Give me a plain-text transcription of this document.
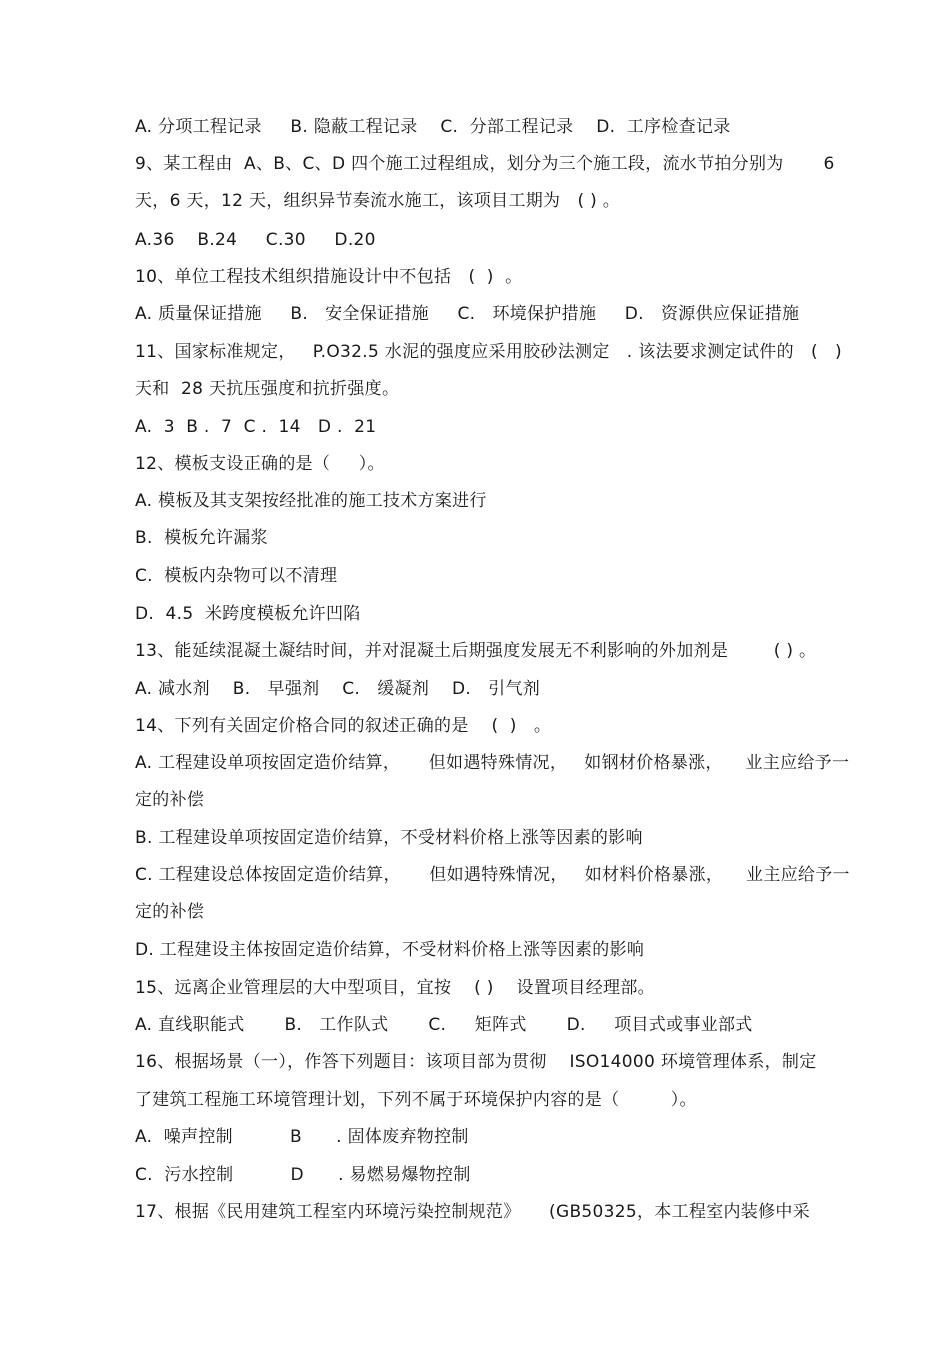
A. 分项工程记录     B. 隐蔽工程记录    C.  分部工程记录    D.  工序检查记录
9、某工程由  A、B、C、D 四个施工过程组成，划分为三个施工段，流水节拍分别为       6
天，6 天，12 天，组织异节奏流水施工，该项目工期为   ( ) 。
A.36    B.24     C.30     D.20
10、单位工程技术组织措施设计中不包括   (  )  。
A. 质量保证措施     B.   安全保证措施     C.   环境保护措施     D.   资源供应保证措施
11、国家标准规定，   P.O32.5 水泥的强度应采用胶砂法测定   . 该法要求测定试件的   (   )
天和  28 天抗压强度和抗折强度。
A.  3  B .  7  C .  14   D .  21
12、模板支设正确的是（     ）。
A. 模板及其支架按经批准的施工技术方案进行
B.  模板允许漏浆
C.  模板内杂物可以不清理
D.  4.5  米跨度模板允许凹陷
13、能延续混凝土凝结时间，并对混凝土后期强度发展无不利影响的外加剂是        ( ) 。
A. 减水剂    B.   早强剂    C.   缓凝剂    D.   引气剂
14、下列有关固定价格合同的叙述正确的是    (  )   。
A. 工程建设单项按固定造价结算，     但如遇特殊情况，   如钢材价格暴涨，    业主应给予一
定的补偿
B. 工程建设单项按固定造价结算，不受材料价格上涨等因素的影响
C. 工程建设总体按固定造价结算，     但如遇特殊情况，   如材料价格暴涨，    业主应给予一
定的补偿
D. 工程建设主体按固定造价结算，不受材料价格上涨等因素的影响
15、远离企业管理层的大中型项目，宜按    ( )    设置项目经理部。
A. 直线职能式       B.   工作队式       C.     矩阵式       D.     项目式或事业部式
16、根据场景（一），作答下列题目：该项目部为贯彻    ISO14000 环境管理体系，制定
了建筑工程施工环境管理计划，下列不属于环境保护内容的是（         ）。
A.  噪声控制          B      . 固体废弃物控制
C.  污水控制          D      . 易燃易爆物控制
17、根据《民用建筑工程室内环境污染控制规范》     (GB50325，本工程室内装修中采
